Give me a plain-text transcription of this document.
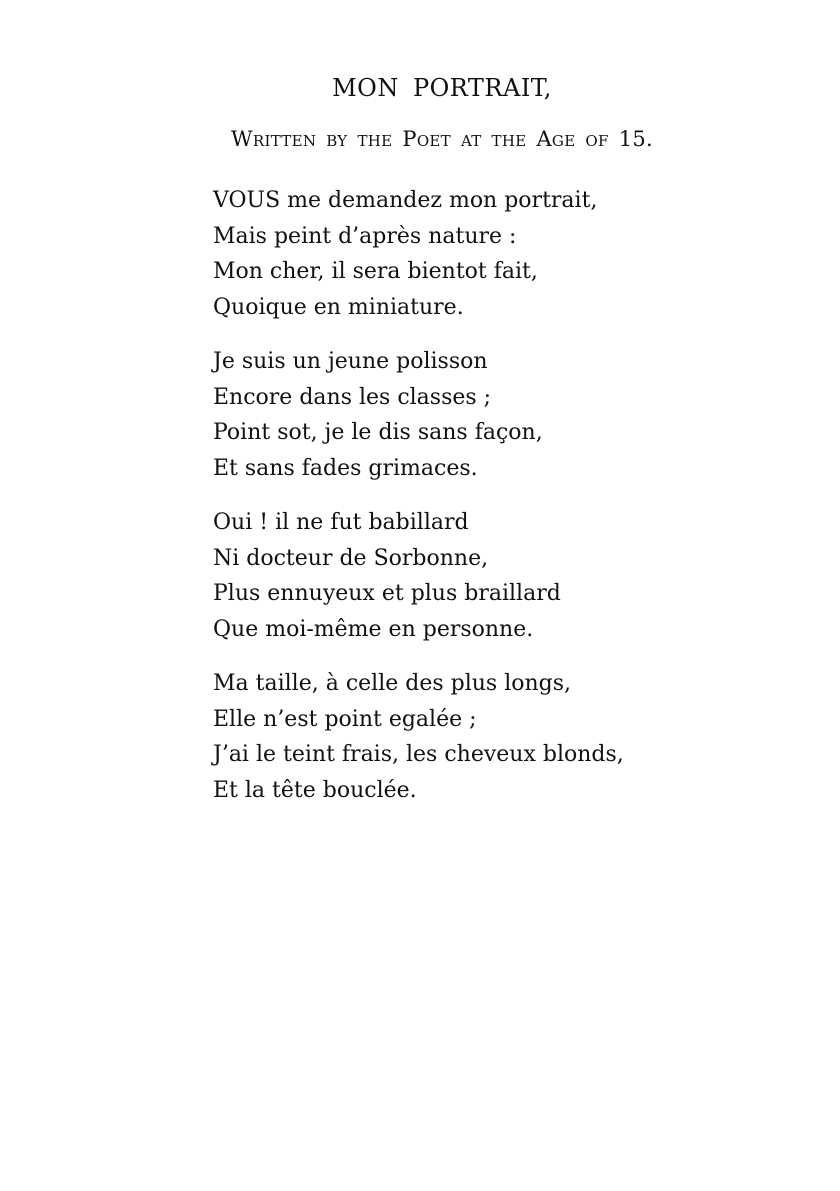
MON PORTRAIT,
Written by the Poet at the Age of 15.
VOUS me demandez mon portrait,
Mais peint d’après nature :
Mon cher, il sera bientot fait,
Quoique en miniature.
Je suis un jeune polisson
Encore dans les classes ;
Point sot, je le dis sans façon,
Et sans fades grimaces.
Oui ! il ne fut babillard
Ni docteur de Sorbonne,
Plus ennuyeux et plus braillard
Que moi-même en personne.
Ma taille, à celle des plus longs,
Elle n’est point egalée ;
J’ai le teint frais, les cheveux blonds,
Et la tête bouclée.
